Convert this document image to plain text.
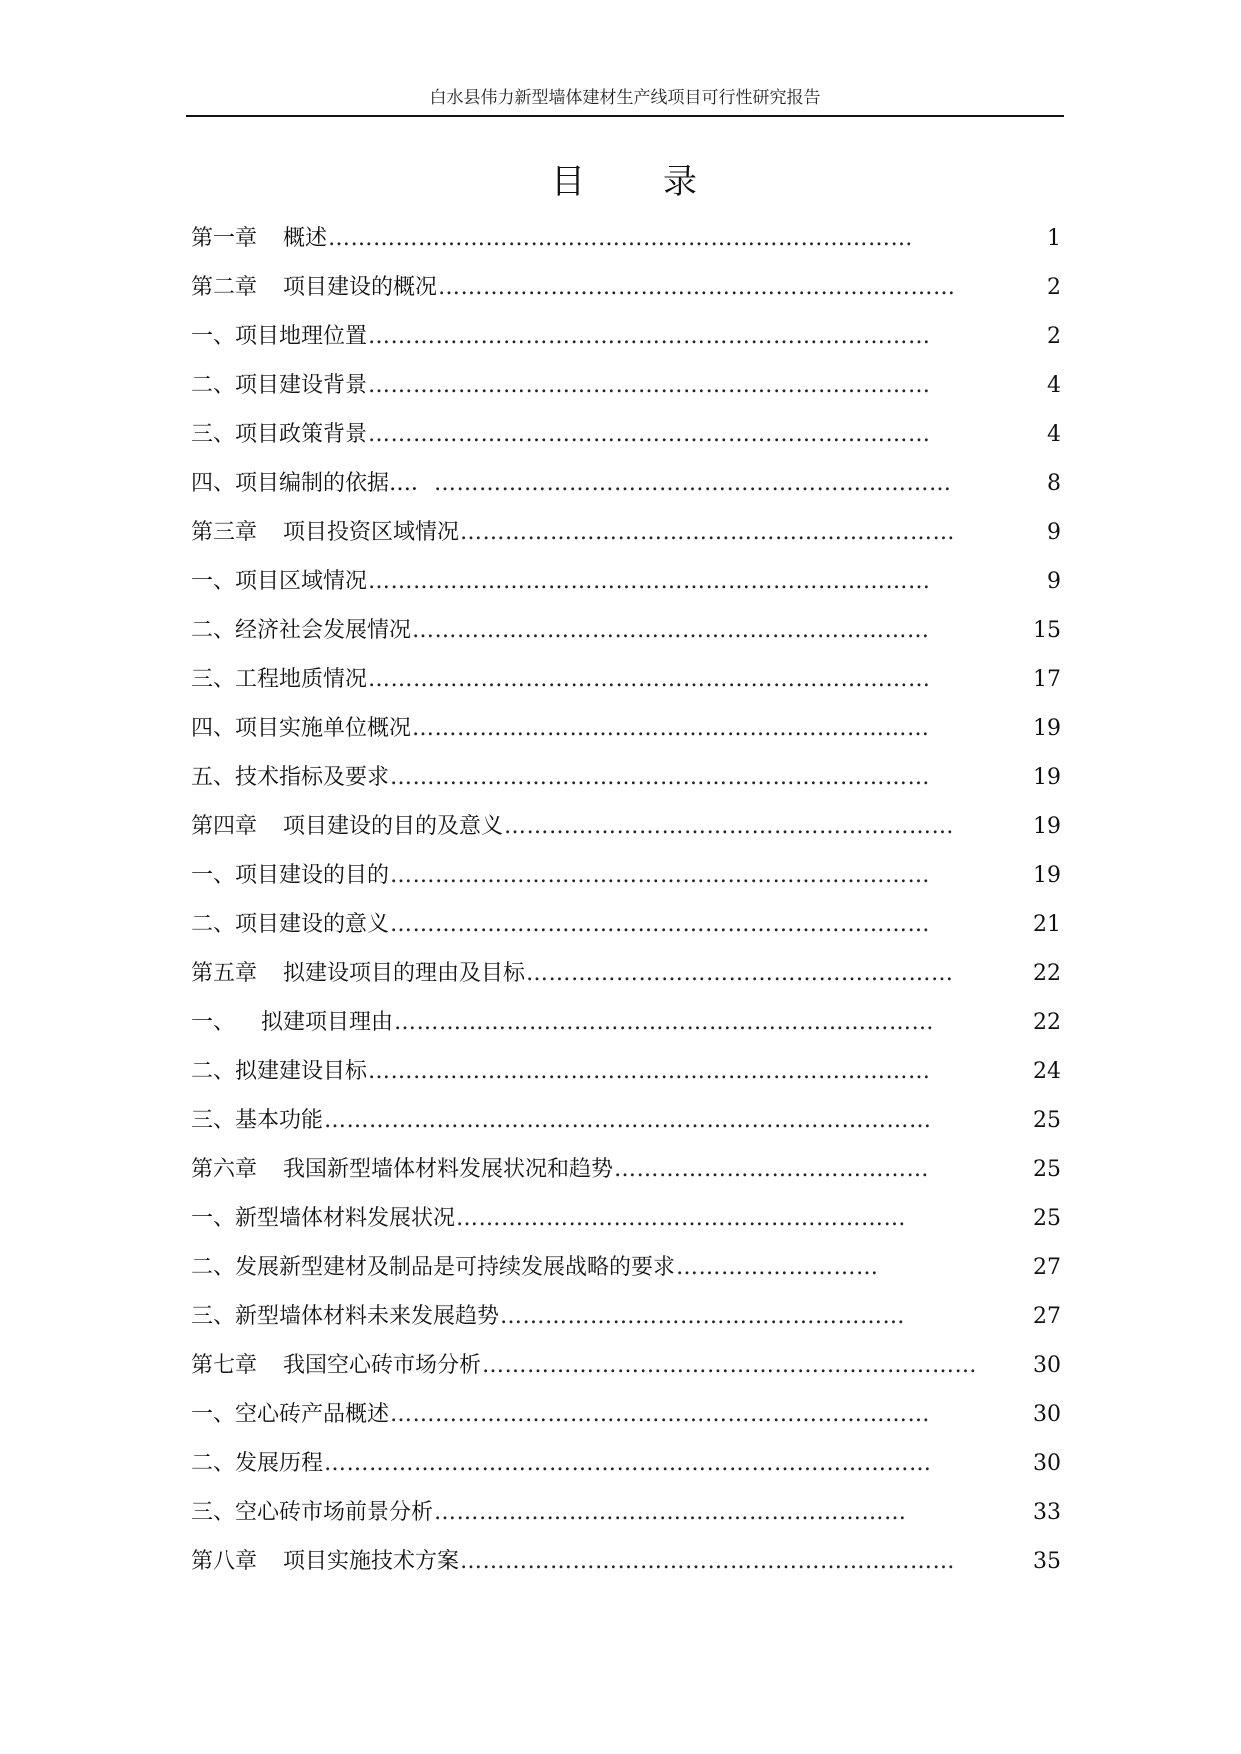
白水县伟力新型墙体建材生产线项目可行性研究报告
目 录
第一章	概述 ……………………………………………………………………	1
第二章	项目建设的概况 ……………………………………………………………	2
一、 项目地理位置 …………………………………………………………………	2
二、 项目建设背景 …………………………………………………………………	4
三、 项目政策背景 …………………………………………………………………	4
四、 项目编制的依据…． ……………………………………………………………	8
第三章	项目投资区域情况 …………………………………………………………	9
一、 项目区域情况 …………………………………………………………………	9
二、 经济社会发展情况 ……………………………………………………………	15
三、 工程地质情况 …………………………………………………………………	17
四、 项目实施单位概况 ……………………………………………………………	19
五、 技术指标及要求 ………………………………………………………………	19
第四章	项目建设的目的及意义 ……………………………………………………	19
一、 项目建设的目的 ………………………………………………………………	19
二、 项目建设的意义 ………………………………………………………………	21
第五章	拟建设项目的理由及目标 …………………………………………………	22
一、	拟建项目理由 ………………………………………………………………	22
二、 拟建建设目标 …………………………………………………………………	24
三、 基本功能 ………………………………………………………………………	25
第六章	我国新型墙体材料发展状况和趋势 ……………………………………	25
一、 新型墙体材料发展状况 ……………………………………………………	25
二、 发展新型建材及制品是可持续发展战略的要求 ………………………	27
三、 新型墙体材料未来发展趋势 ………………………………………………	27
第七章	我国空心砖市场分析 …………………………………………………………	30
一、 空心砖产品概述 ………………………………………………………………	30
二、 发展历程 ………………………………………………………………………	30
三、 空心砖市场前景分析 ………………………………………………………	33
第八章	项目实施技术方案 …………………………………………………………	35
